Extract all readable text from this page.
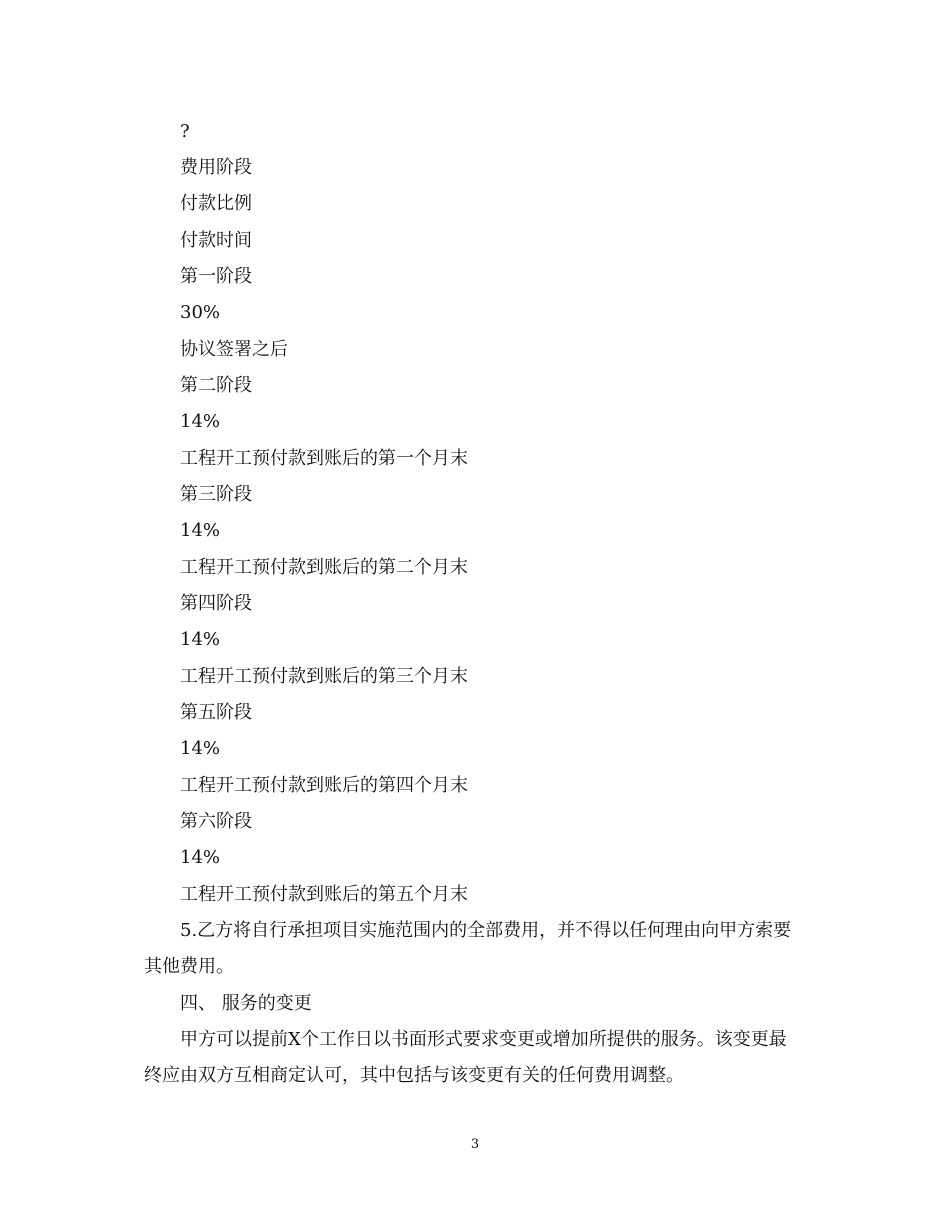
?
费用阶段
付款比例
付款时间
第一阶段
30%
协议签署之后
第二阶段
14%
工程开工预付款到账后的第一个月末
第三阶段
14%
工程开工预付款到账后的第二个月末
第四阶段
14%
工程开工预付款到账后的第三个月末
第五阶段
14%
工程开工预付款到账后的第四个月末
第六阶段
14%
工程开工预付款到账后的第五个月末
5.乙方将自行承担项目实施范围内的全部费用，并不得以任何理由向甲方索要其他费用。
四、 服务的变更
甲方可以提前X个工作日以书面形式要求变更或增加所提供的服务。该变更最终应由双方互相商定认可，其中包括与该变更有关的任何费用调整。
3
